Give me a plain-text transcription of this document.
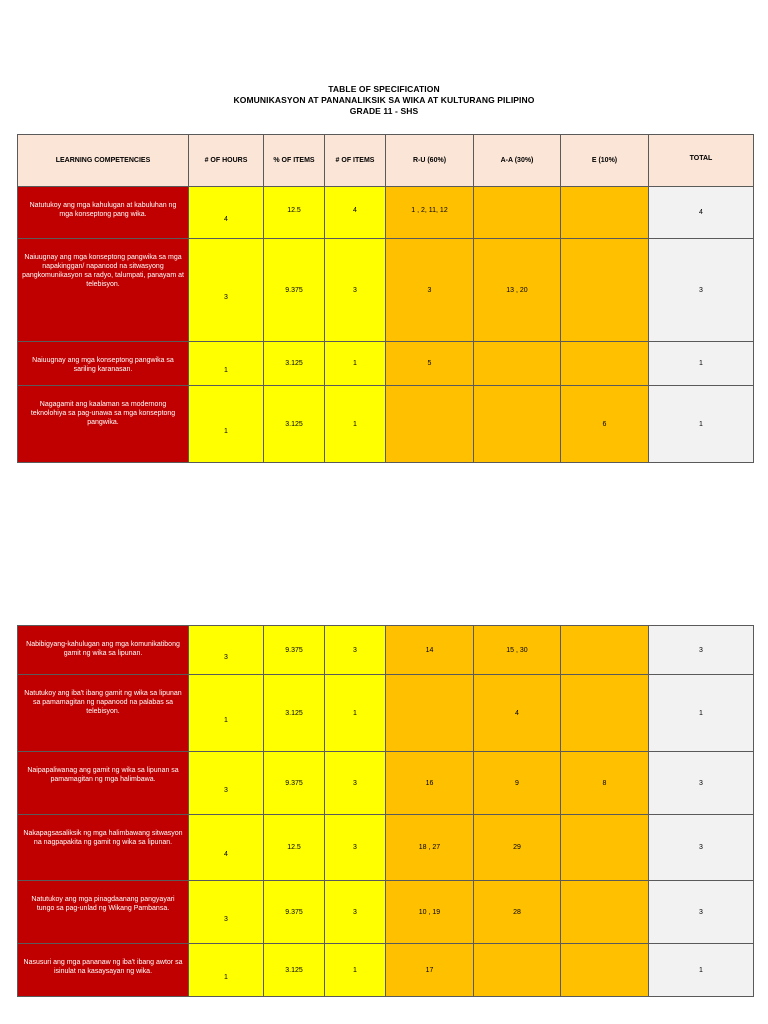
TABLE OF SPECIFICATION
KOMUNIKASYON AT PANANALIKSIK SA WIKA AT KULTURANG PILIPINO
GRADE 11 - SHS
LEARNING COMPETENCIES	# OF HOURS	% OF ITEMS	# OF ITEMS	R-U (60%)	A-A (30%)	E (10%)	TOTAL
Natutukoy ang mga kahulugan at kabuluhan ng mga konseptong pang wika.	4	12.5	4	1 , 2, 11, 12			4
Naiuugnay ang mga konseptong pangwika sa mga napakinggan/ napanood na sitwasyong pangkomunikasyon sa radyo, talumpati, panayam at telebisyon.	3	9.375	3	3	13 , 20		3
Naiuugnay ang mga konseptong pangwika sa sariling karanasan.	1	3.125	1	5			1
Nagagamit ang kaalaman sa modernong teknolohiya sa pag-unawa sa mga konseptong pangwika.	1	3.125	1			6	1
Nabibigyang-kahulugan ang mga komunikatibong gamit ng wika sa lipunan.	3	9.375	3	14	15 , 30		3
Natutukoy ang iba't ibang gamit ng wika sa lipunan sa pamamagitan ng napanood na palabas sa telebisyon.	1	3.125	1		4		1
Naipapaliwanag ang gamit ng wika sa lipunan sa pamamagitan ng mga halimbawa.	3	9.375	3	16	9	8	3
Nakapagsasaliksik ng mga halimbawang sitwasyon na nagpapakita ng gamit ng wika sa lipunan.	4	12.5	3	18 , 27	29		3
Natutukoy ang mga pinagdaanang pangyayari tungo sa pag-unlad ng Wikang Pambansa.	3	9.375	3	10 , 19	28		3
Nasusuri ang mga pananaw ng iba't ibang awtor sa isinulat na kasaysayan ng wika.	1	3.125	1	17			1
